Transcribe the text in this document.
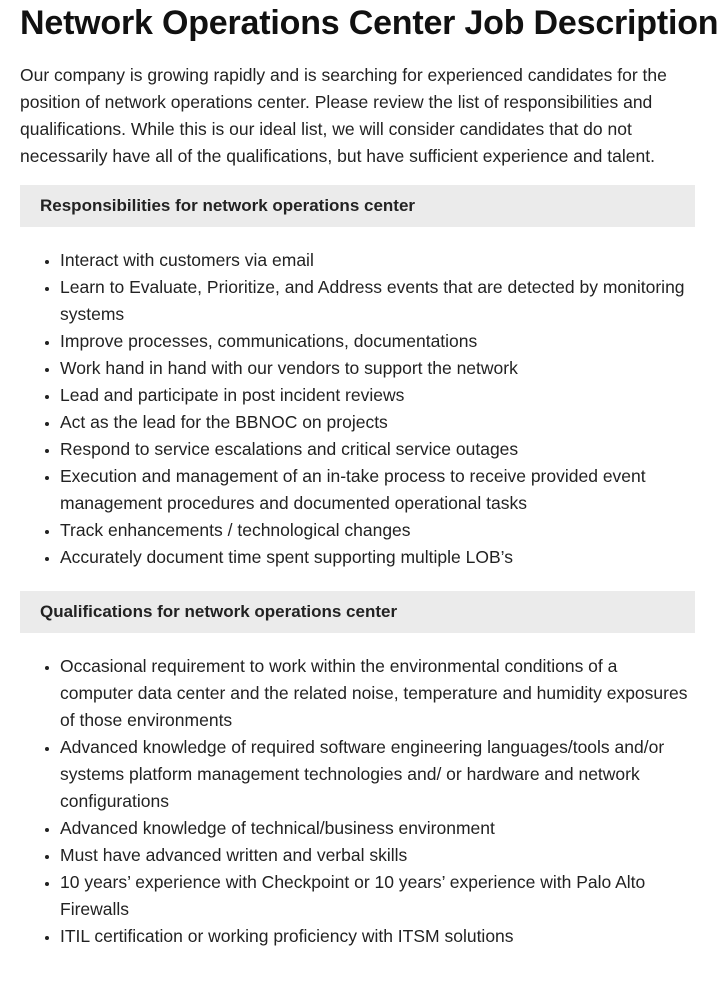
Network Operations Center Job Description

Our company is growing rapidly and is searching for experienced candidates for the position of network operations center. Please review the list of responsibilities and qualifications. While this is our ideal list, we will consider candidates that do not necessarily have all of the qualifications, but have sufficient experience and talent.

Responsibilities for network operations center
• Interact with customers via email
• Learn to Evaluate, Prioritize, and Address events that are detected by monitoring systems
• Improve processes, communications, documentations
• Work hand in hand with our vendors to support the network
• Lead and participate in post incident reviews
• Act as the lead for the BBNOC on projects
• Respond to service escalations and critical service outages
• Execution and management of an in-take process to receive provided event management procedures and documented operational tasks
• Track enhancements / technological changes
• Accurately document time spent supporting multiple LOB’s
Qualifications for network operations center
• Occasional requirement to work within the environmental conditions of a computer data center and the related noise, temperature and humidity exposures of those environments
• Advanced knowledge of required software engineering languages/tools and/or systems platform management technologies and/ or hardware and network configurations
• Advanced knowledge of technical/business environment
• Must have advanced written and verbal skills
• 10 years’ experience with Checkpoint or 10 years’ experience with Palo Alto Firewalls
• ITIL certification or working proficiency with ITSM solutions
